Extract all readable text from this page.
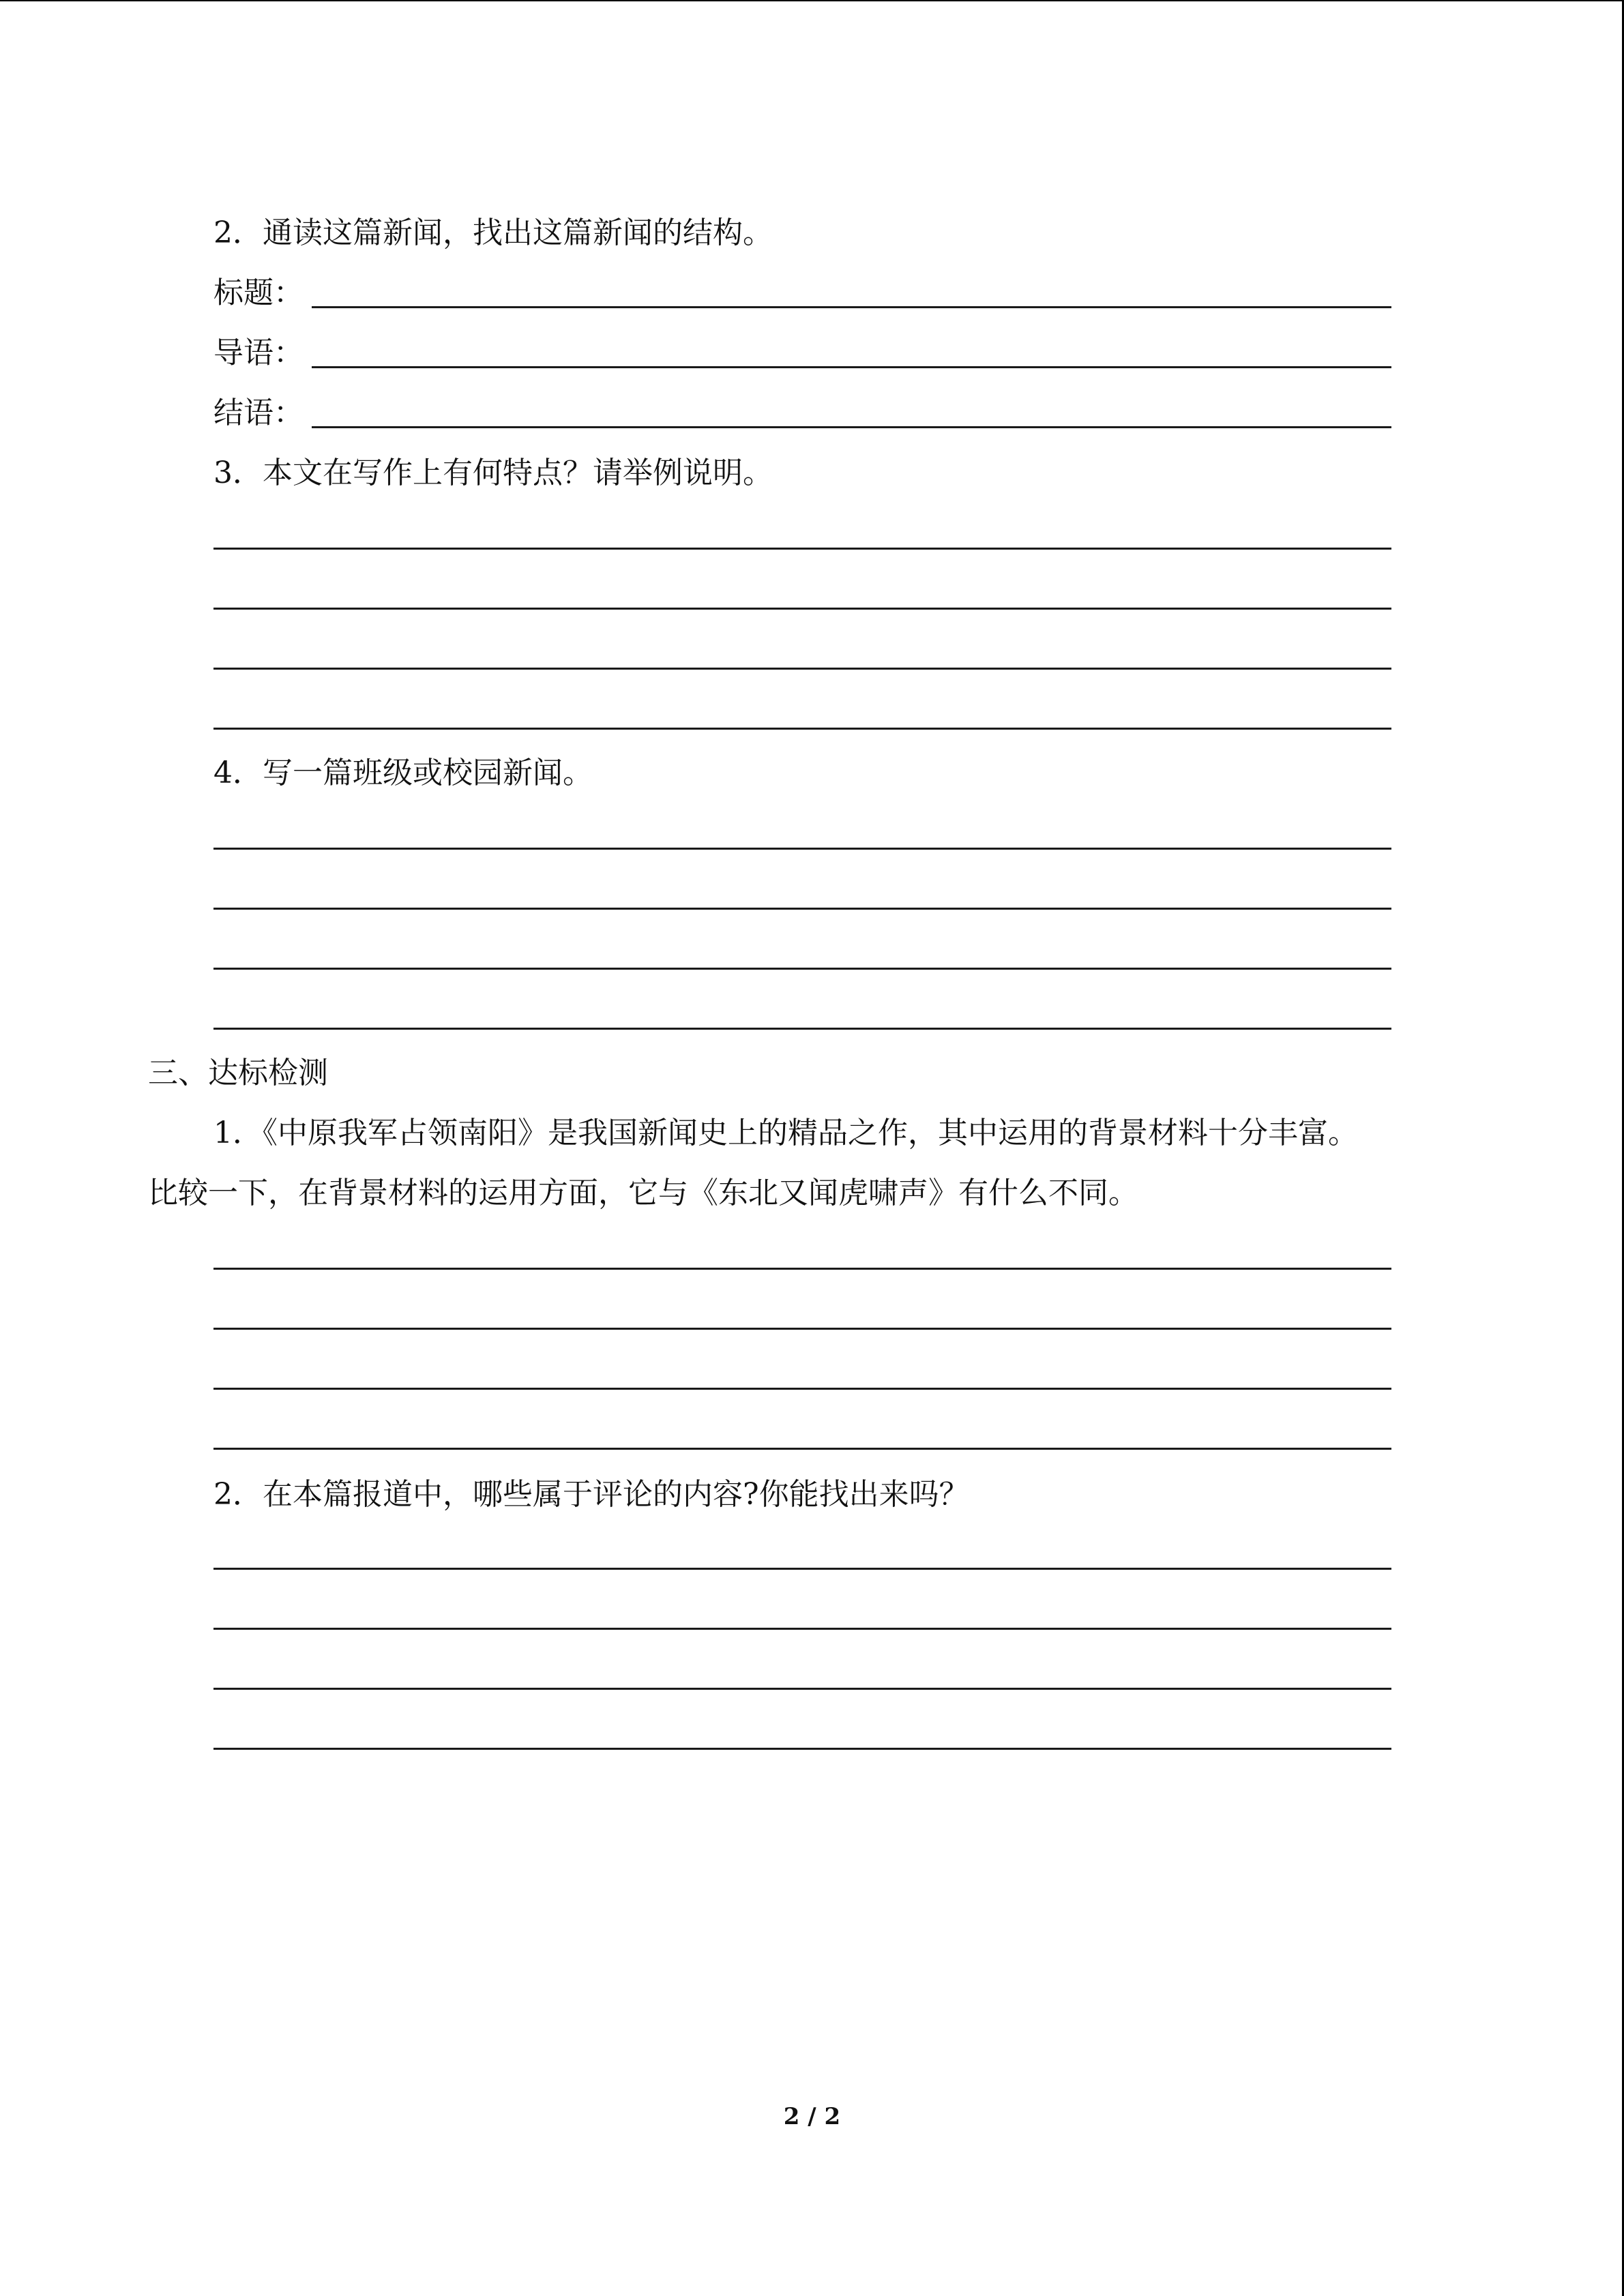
2．通读这篇新闻，找出这篇新闻的结构。
标题：
导语：
结语：
3．本文在写作上有何特点？请举例说明。
4．写一篇班级或校园新闻。
三、达标检测
1．《中原我军占领南阳》是我国新闻史上的精品之作，其中运用的背景材料十分丰富。
比较一下，在背景材料的运用方面，它与《东北又闻虎啸声》有什么不同。
2．在本篇报道中，哪些属于评论的内容?你能找出来吗？
2 / 2
